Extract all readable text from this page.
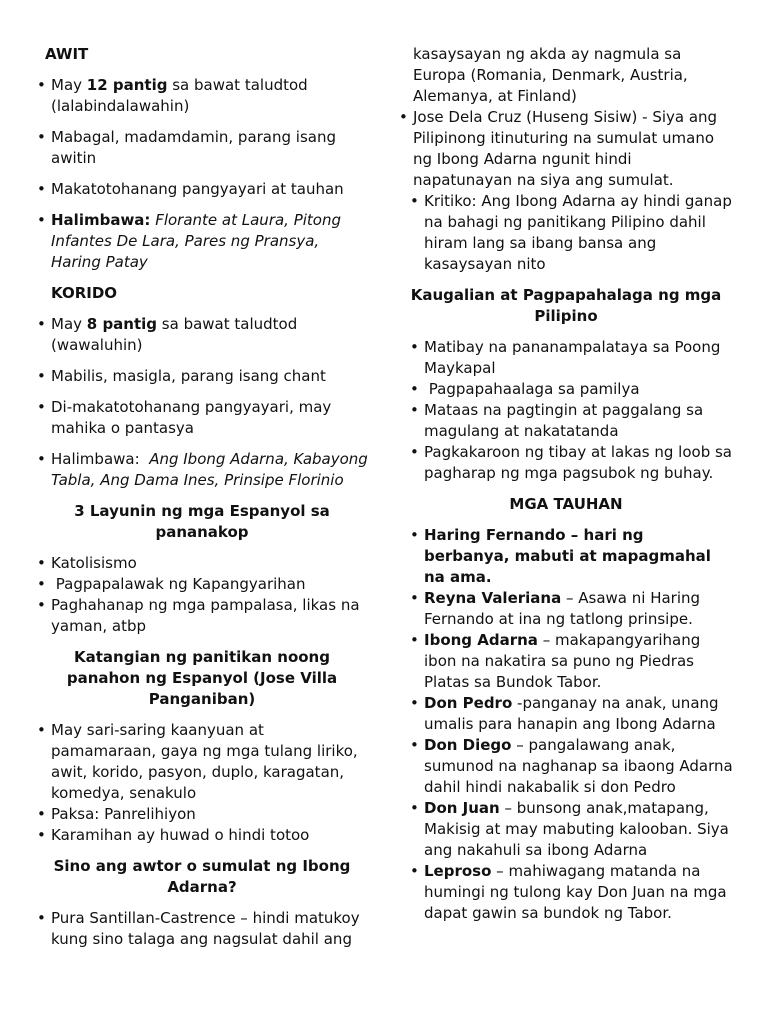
AWIT

• May 12 pantig sa bawat taludtod (lalabindalawahin)
• Mabagal, madamdamin, parang isang awitin
• Makatotohanang pangyayari at tauhan
• Halimbawa: Florante at Laura, Pitong Infantes De Lara, Pares ng Pransya, Haring Patay

KORIDO

• May 8 pantig sa bawat taludtod (wawaluhin)
• Mabilis, masigla, parang isang chant
• Di-makatotohanang pangyayari, may mahika o pantasya
• Halimbawa:  Ang Ibong Adarna, Kabayong Tabla, Ang Dama Ines, Prinsipe Florinio

3 Layunin ng mga Espanyol sa pananakop

• Katolisismo
•  Pagpapalawak ng Kapangyarihan
• Paghahanap ng mga pampalasa, likas na yaman, atbp

Katangian ng panitikan noong panahon ng Espanyol (Jose Villa Panganiban)

• May sari-saring kaanyuan at pamamaraan, gaya ng mga tulang liriko, awit, korido, pasyon, duplo, karagatan, komedya, senakulo
• Paksa: Panrelihiyon
• Karamihan ay huwad o hindi totoo

Sino ang awtor o sumulat ng Ibong Adarna?

• Pura Santillan-Castrence – hindi matukoy kung sino talaga ang nagsulat dahil ang
kasaysayan ng akda ay nagmula sa Europa (Romania, Denmark, Austria, Alemanya, at Finland)
• Jose Dela Cruz (Huseng Sisiw) - Siya ang Pilipinong itinuturing na sumulat umano ng Ibong Adarna ngunit hindi napatunayan na siya ang sumulat.
• Kritiko: Ang Ibong Adarna ay hindi ganap na bahagi ng panitikang Pilipino dahil hiram lang sa ibang bansa ang kasaysayan nito

Kaugalian at Pagpapahalaga ng mga Pilipino

• Matibay na pananampalataya sa Poong Maykapal
•  Pagpapahaalaga sa pamilya
• Mataas na pagtingin at paggalang sa magulang at nakatatanda
• Pagkakaroon ng tibay at lakas ng loob sa pagharap ng mga pagsubok ng buhay.

MGA TAUHAN

• Haring Fernando – hari ng berbanya, mabuti at mapagmahal na ama.
• Reyna Valeriana – Asawa ni Haring Fernando at ina ng tatlong prinsipe.
• Ibong Adarna – makapangyarihang ibon na nakatira sa puno ng Piedras Platas sa Bundok Tabor.
• Don Pedro -panganay na anak, unang umalis para hanapin ang Ibong Adarna
• Don Diego – pangalawang anak, sumunod na naghanap sa ibaong Adarna dahil hindi nakabalik si don Pedro
• Don Juan – bunsong anak,matapang, Makisig at may mabuting kalooban. Siya ang nakahuli sa ibong Adarna
• Leproso – mahiwagang matanda na humingi ng tulong kay Don Juan na mga dapat gawin sa bundok ng Tabor.
